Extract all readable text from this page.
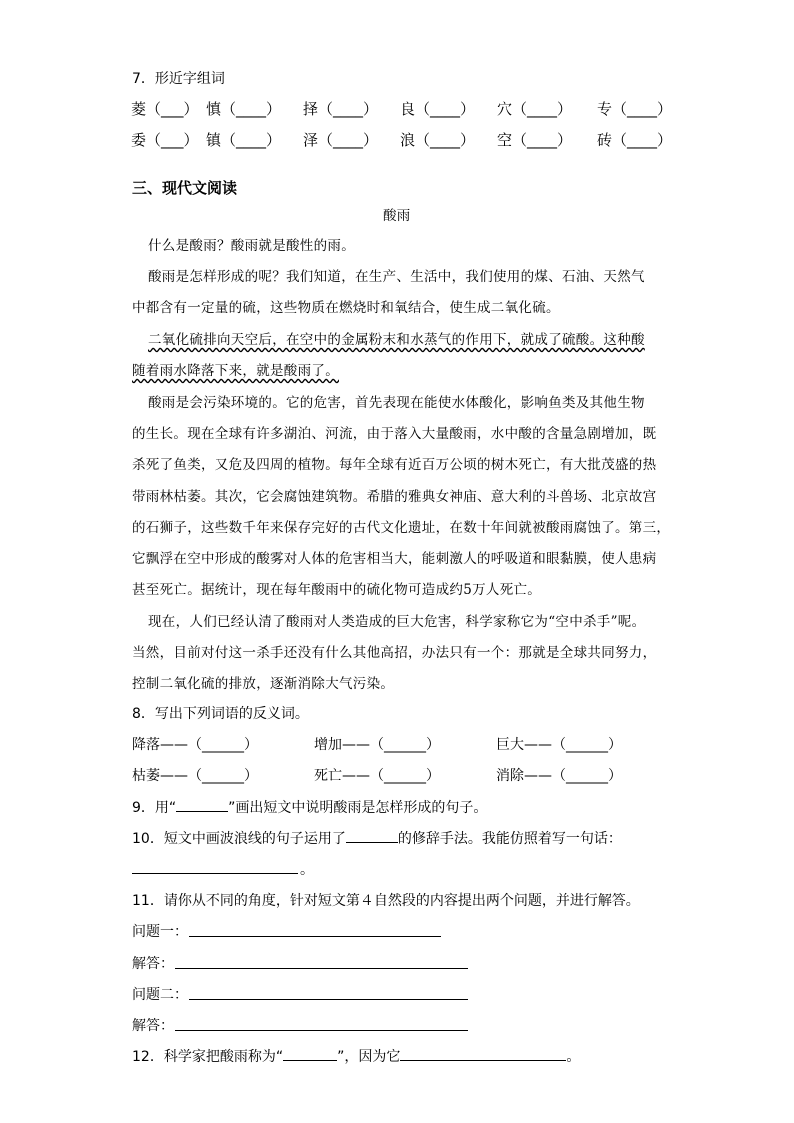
7．形近字组词
菱（___） 慎（____） 择（____） 良（____） 穴（____） 专（____）
委（___） 镇（____） 泽（____） 浪（____） 空（____） 砖（____）
三、现代文阅读
酸雨
什么是酸雨？酸雨就是酸性的雨。
酸雨是怎样形成的呢？我们知道，在生产、生活中，我们使用的煤、石油、天然气
中都含有一定量的硫，这些物质在燃烧时和氧结合，使生成二氧化硫。
二氧化硫排向天空后，在空中的金属粉末和水蒸气的作用下，就成了硫酸。这种酸
随着雨水降落下来，就是酸雨了。
酸雨是会污染环境的。它的危害，首先表现在能使水体酸化，影响鱼类及其他生物
的生长。现在全球有许多湖泊、河流，由于落入大量酸雨，水中酸的含量急剧增加，既
杀死了鱼类，又危及四周的植物。每年全球有近百万公顷的树木死亡，有大批茂盛的热
带雨林枯萎。其次，它会腐蚀建筑物。希腊的雅典女神庙、意大利的斗兽场、北京故宫
的石狮子，这些数千年来保存完好的古代文化遗址，在数十年间就被酸雨腐蚀了。第三，
它飘浮在空中形成的酸雾对人体的危害相当大，能刺激人的呼吸道和眼黏膜，使人患病
甚至死亡。据统计，现在每年酸雨中的硫化物可造成约5万人死亡。
现在，人们已经认清了酸雨对人类造成的巨大危害，科学家称它为“空中杀手”呢。
当然，目前对付这一杀手还没有什么其他高招，办法只有一个：那就是全球共同努力，
控制二氧化硫的排放，逐渐消除大气污染。
8．写出下列词语的反义词。
降落——（______）	增加——（______）	巨大——（______）
枯萎——（______）	死亡——（______）	消除——（______）
9．用“	”画出短文中说明酸雨是怎样形成的句子。
10．短文中画波浪线的句子运用了	的修辞手法。我能仿照着写一句话：
。
11．请你从不同的角度，针对短文第４自然段的内容提出两个问题，并进行解答。
问题一：
解答：
问题二：
解答：
12．科学家把酸雨称为“	”，因为它	。
